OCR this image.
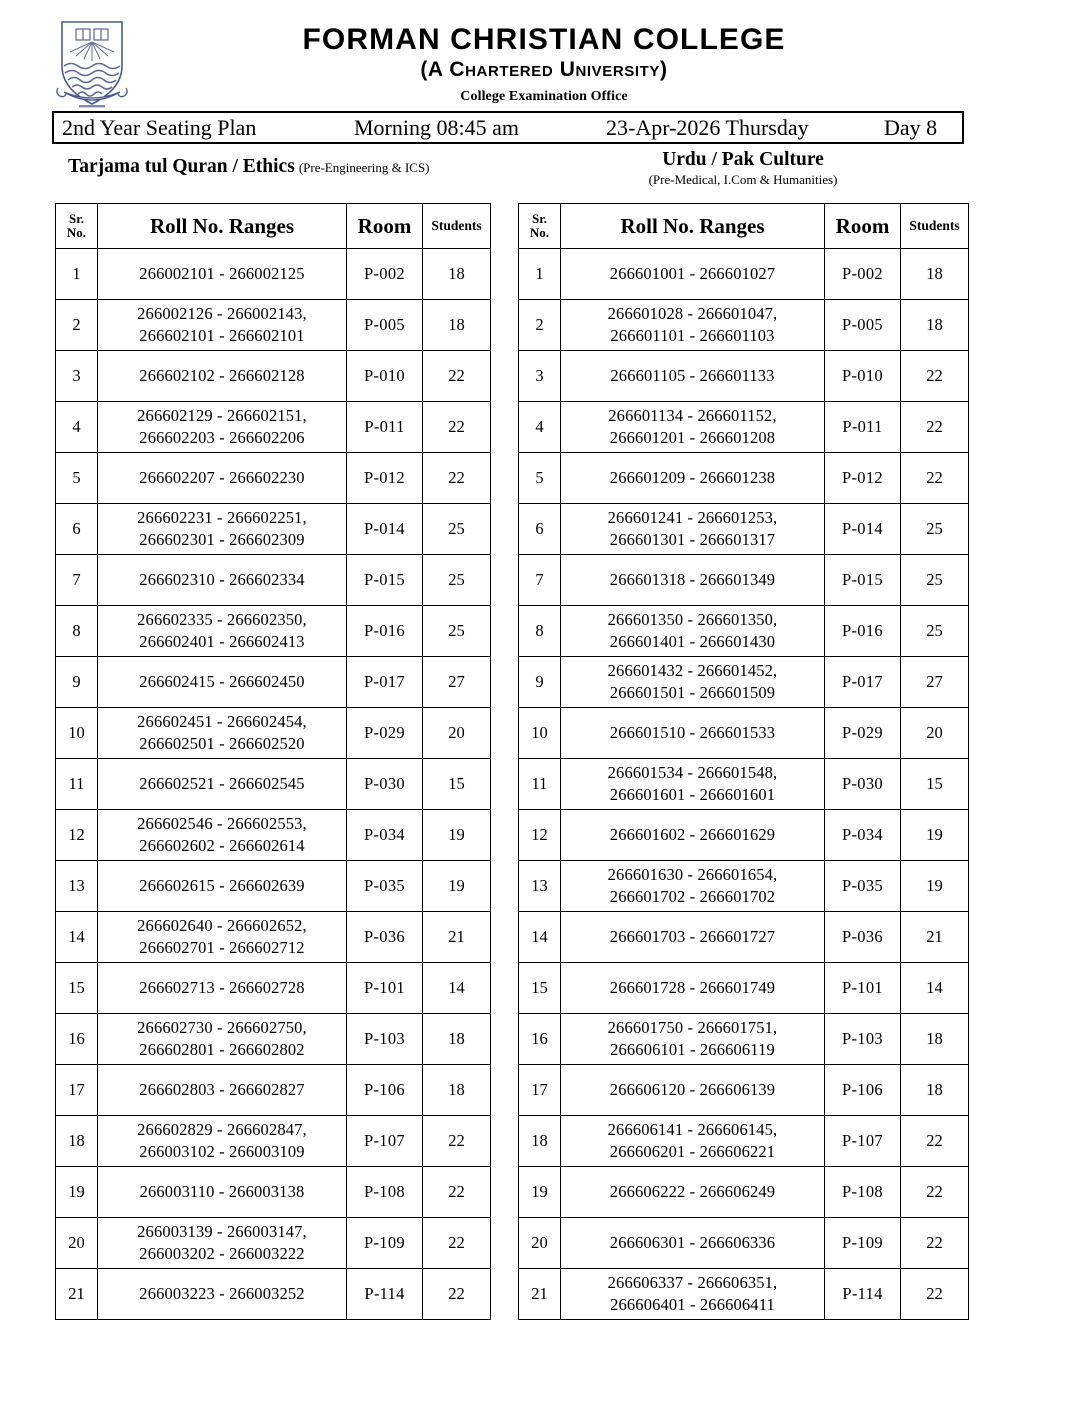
FORMAN CHRISTIAN COLLEGE
(A Chartered University)
College Examination Office
2nd Year Seating Plan	Morning 08:45 am	23-Apr-2026 Thursday	Day 8
Tarjama tul Quran / Ethics (Pre-Engineering & ICS)	Urdu / Pak Culture
(Pre-Medical, I.Com & Humanities)
Sr.
No.	Roll No. Ranges	Room	Students
1	266002101 - 266002125	P-002	18
2	266002126 - 266002143,
266602101 - 266602101	P-005	18
3	266602102 - 266602128	P-010	22
4	266602129 - 266602151,
266602203 - 266602206	P-011	22
5	266602207 - 266602230	P-012	22
6	266602231 - 266602251,
266602301 - 266602309	P-014	25
7	266602310 - 266602334	P-015	25
8	266602335 - 266602350,
266602401 - 266602413	P-016	25
9	266602415 - 266602450	P-017	27
10	266602451 - 266602454,
266602501 - 266602520	P-029	20
11	266602521 - 266602545	P-030	15
12	266602546 - 266602553,
266602602 - 266602614	P-034	19
13	266602615 - 266602639	P-035	19
14	266602640 - 266602652,
266602701 - 266602712	P-036	21
15	266602713 - 266602728	P-101	14
16	266602730 - 266602750,
266602801 - 266602802	P-103	18
17	266602803 - 266602827	P-106	18
18	266602829 - 266602847,
266003102 - 266003109	P-107	22
19	266003110 - 266003138	P-108	22
20	266003139 - 266003147,
266003202 - 266003222	P-109	22
21	266003223 - 266003252	P-114	22
Sr.
No.	Roll No. Ranges	Room	Students
1	266601001 - 266601027	P-002	18
2	266601028 - 266601047,
266601101 - 266601103	P-005	18
3	266601105 - 266601133	P-010	22
4	266601134 - 266601152,
266601201 - 266601208	P-011	22
5	266601209 - 266601238	P-012	22
6	266601241 - 266601253,
266601301 - 266601317	P-014	25
7	266601318 - 266601349	P-015	25
8	266601350 - 266601350,
266601401 - 266601430	P-016	25
9	266601432 - 266601452,
266601501 - 266601509	P-017	27
10	266601510 - 266601533	P-029	20
11	266601534 - 266601548,
266601601 - 266601601	P-030	15
12	266601602 - 266601629	P-034	19
13	266601630 - 266601654,
266601702 - 266601702	P-035	19
14	266601703 - 266601727	P-036	21
15	266601728 - 266601749	P-101	14
16	266601750 - 266601751,
266606101 - 266606119	P-103	18
17	266606120 - 266606139	P-106	18
18	266606141 - 266606145,
266606201 - 266606221	P-107	22
19	266606222 - 266606249	P-108	22
20	266606301 - 266606336	P-109	22
21	266606337 - 266606351,
266606401 - 266606411	P-114	22
